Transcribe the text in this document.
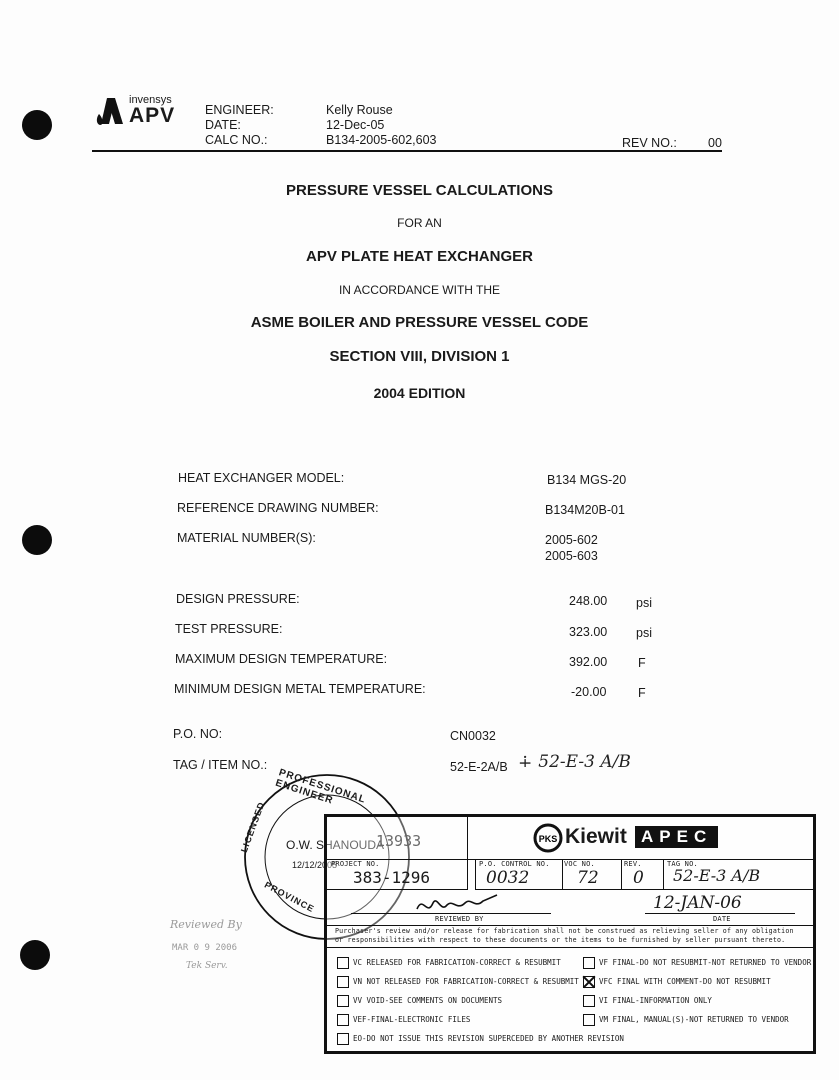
invensys
APV ENGINEER:	Kelly Rouse
DATE:	12-Dec-05
CALC NO.:	B134-2005-602,603	REV NO.: 00
PRESSURE VESSEL CALCULATIONS
FOR AN
APV PLATE HEAT EXCHANGER
IN ACCORDANCE WITH THE
ASME BOILER AND PRESSURE VESSEL CODE
SECTION VIII, DIVISION 1
2004 EDITION
HEAT EXCHANGER MODEL:	B134 MGS-20
REFERENCE DRAWING NUMBER:	B134M20B-01
MATERIAL NUMBER(S):	2005-602
2005-603
DESIGN PRESSURE:	248.00 psi
TEST PRESSURE:	323.00 psi
MAXIMUM DESIGN TEMPERATURE:	392.00 F
MINIMUM DESIGN METAL TEMPERATURE:	-20.00	F
P.O. NO:	CN0032
TAG / ITEM NO.:	52-E-2A/B ∔ 52-E-3 A/B
PROFESSIONAL ENGINEER
LICENSED
PROVINCE
O.W. SHANOUDA
13933
12/12/2005
Reviewed By
MAR 0 9 2006
Tek Serv.
PKS Kiewit APEC
PROJECT NO.
383-1296
P.O. CONTROL NO.
0032
VOC NO.
72
REV.
0
TAG NO.
52-E-3 A/B
REVIEWED BY
12-JAN-06
DATE
Purchaser's review and/or release for fabrication shall not be construed as relieving seller of any obligation or responsibilities with respect to these documents or the items to be furnished by seller pursuant thereto.
VC RELEASED FOR FABRICATION-CORRECT & RESUBMIT
VN NOT RELEASED FOR FABRICATION-CORRECT & RESUBMIT
VV VOID-SEE COMMENTS ON DOCUMENTS
VEF-FINAL-ELECTRONIC FILES
EO-DO NOT ISSUE THIS REVISION SUPERCEDED BY ANOTHER REVISION
VF FINAL-DO NOT RESUBMIT-NOT RETURNED TO VENDOR
VFC FINAL WITH COMMENT-DO NOT RESUBMIT
VI FINAL-INFORMATION ONLY
VM FINAL, MANUAL(S)-NOT RETURNED TO VENDOR
